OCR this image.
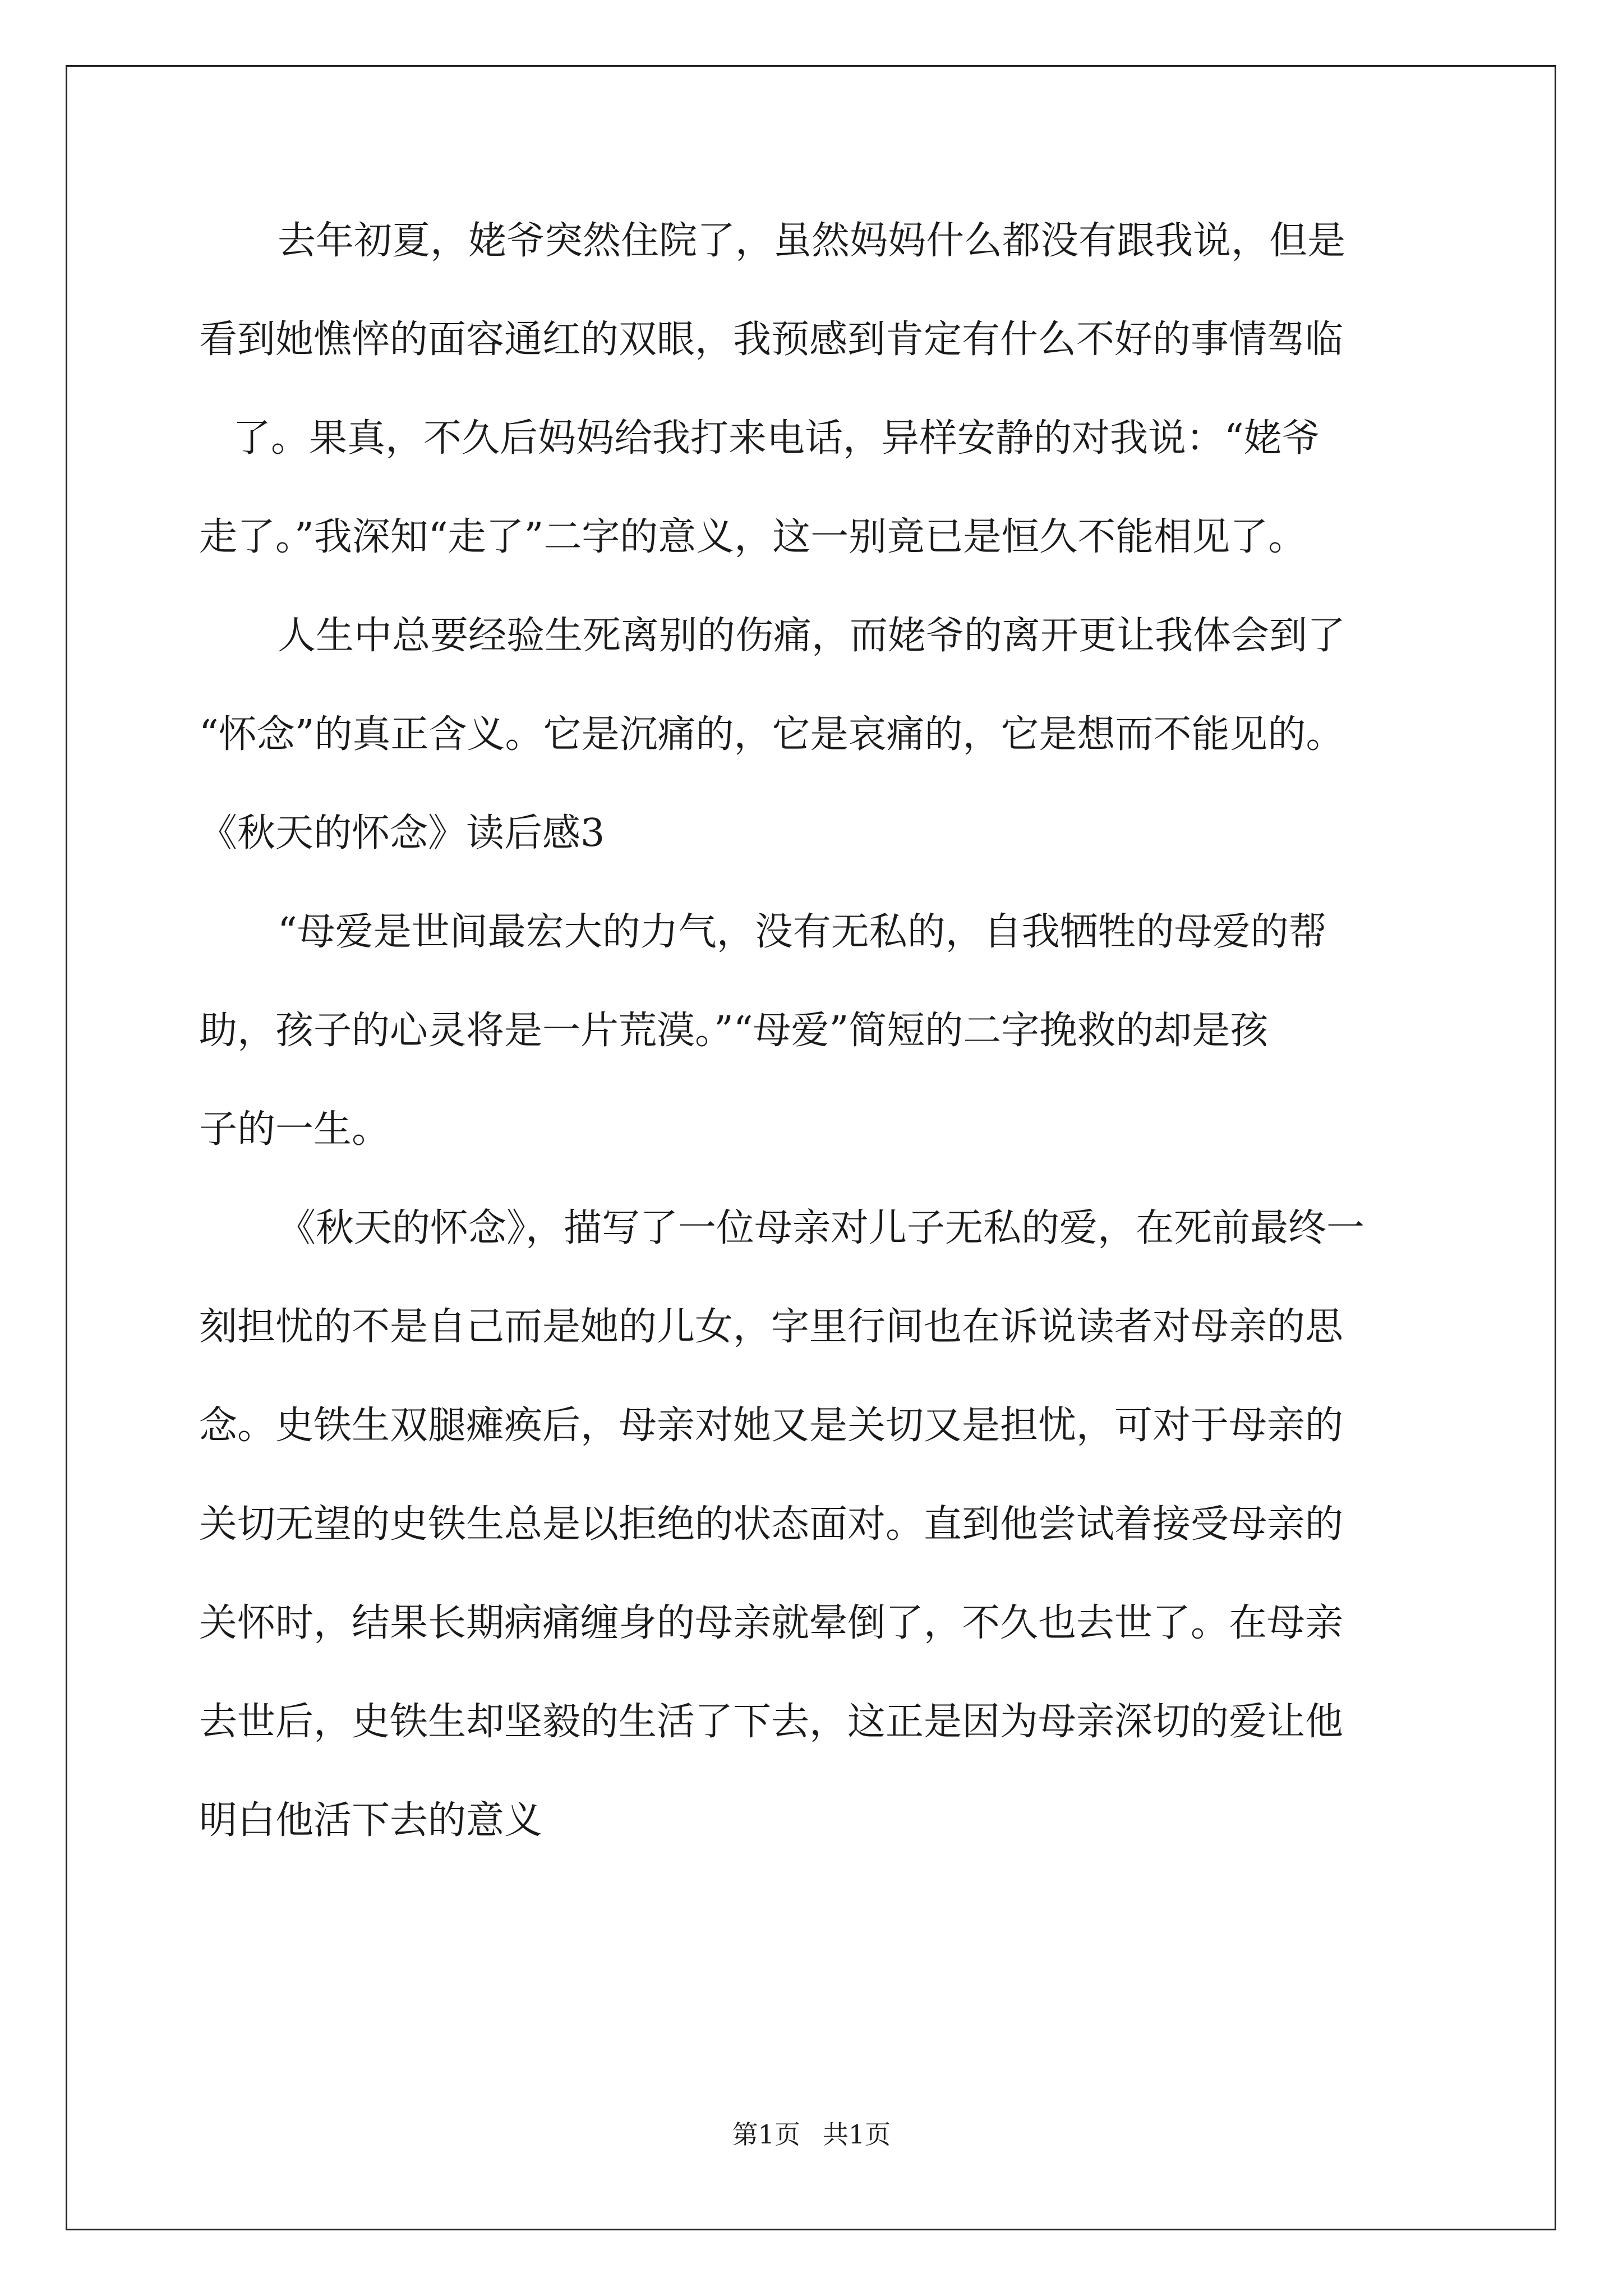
去年初夏，姥爷突然住院了，虽然妈妈什么都没有跟我说，但是
看到她憔悴的面容通红的双眼，我预感到肯定有什么不好的事情驾临
了。果真，不久后妈妈给我打来电话，异样安静的对我说：“姥爷
走了。”我深知“走了”二字的意义，这一别竟已是恒久不能相见了。
人生中总要经验生死离别的伤痛，而姥爷的离开更让我体会到了
“怀念”的真正含义。它是沉痛的，它是哀痛的，它是想而不能见的。
《秋天的怀念》读后感3
“母爱是世间最宏大的力气，没有无私的，自我牺牲的母爱的帮
助，孩子的心灵将是一片荒漠。”“母爱”简短的二字挽救的却是孩
子的一生。
《秋天的怀念》，描写了一位母亲对儿子无私的爱，在死前最终一
刻担忧的不是自己而是她的儿女，字里行间也在诉说读者对母亲的思
念。史铁生双腿瘫痪后，母亲对她又是关切又是担忧，可对于母亲的
关切无望的史铁生总是以拒绝的状态面对。直到他尝试着接受母亲的
关怀时，结果长期病痛缠身的母亲就晕倒了，不久也去世了。在母亲
去世后，史铁生却坚毅的生活了下去，这正是因为母亲深切的爱让他
明白他活下去的意义
第1页 共1页
